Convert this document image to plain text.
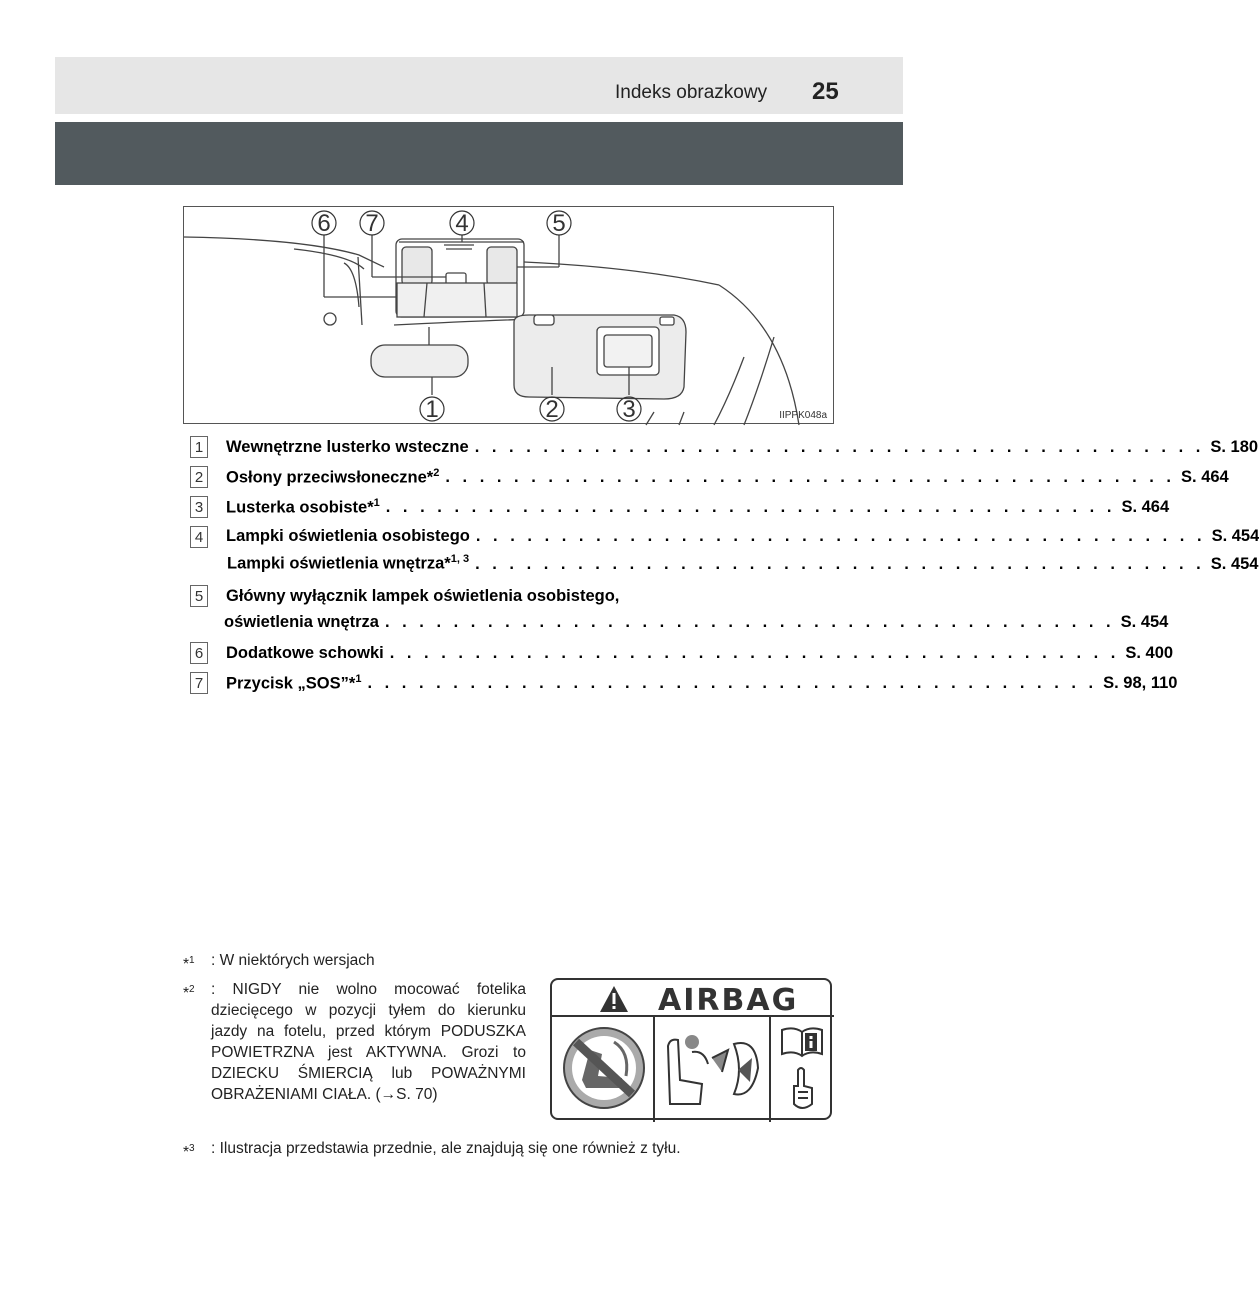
Indeks obrazkowy 25
6 7	4	5
1	2	3	IIPPK048a
1 Wewnętrzne lusterko wsteczne . . . . . . . . . . . . . . . . . . . . . . . . . . . . . . . . . . . . . . . . . . . S. 180
2 Osłony przeciwsłoneczne*$^2$ . . . . . . . . . . . . . . . . . . . . . . . . . . . . . . . . . . . . . . . . . . . S. 464
3 Lusterka osobiste*$^1$ . . . . . . . . . . . . . . . . . . . . . . . . . . . . . . . . . . . . . . . . . . . S. 464
4 Lampki oświetlenia osobistego . . . . . . . . . . . . . . . . . . . . . . . . . . . . . . . . . . . . . . . . . . . S. 454
Lampki oświetlenia wnętrza*$^{1, 3}$ . . . . . . . . . . . . . . . . . . . . . . . . . . . . . . . . . . . . . . . . . . . S. 454
5 Główny wyłącznik lampek oświetlenia osobistego,
oświetlenia wnętrza . . . . . . . . . . . . . . . . . . . . . . . . . . . . . . . . . . . . . . . . . . . S. 454
6 Dodatkowe schowki . . . . . . . . . . . . . . . . . . . . . . . . . . . . . . . . . . . . . . . . . . . S. 400
7 Przycisk „SOS”*$^1$ . . . . . . . . . . . . . . . . . . . . . . . . . . . . . . . . . . . . . . . . . . . S. 98, 110
*$^1$ : W niektórych wersjach
*$^2$ : NIGDY nie wolno mocować fotelika dziecięcego w pozycji tyłem do kierunku jazdy na fotelu, przed którym PODUSZKA POWIETRZNA jest AKTYWNA. Grozi to DZIECKU ŚMIERCIĄ lub POWAŻNYMI OBRAŻENIAMI CIAŁA. (→S. 70)
*$^3$ : Ilustracja przedstawia przednie, ale znajdują się one również z tyłu.
AIRBAG
